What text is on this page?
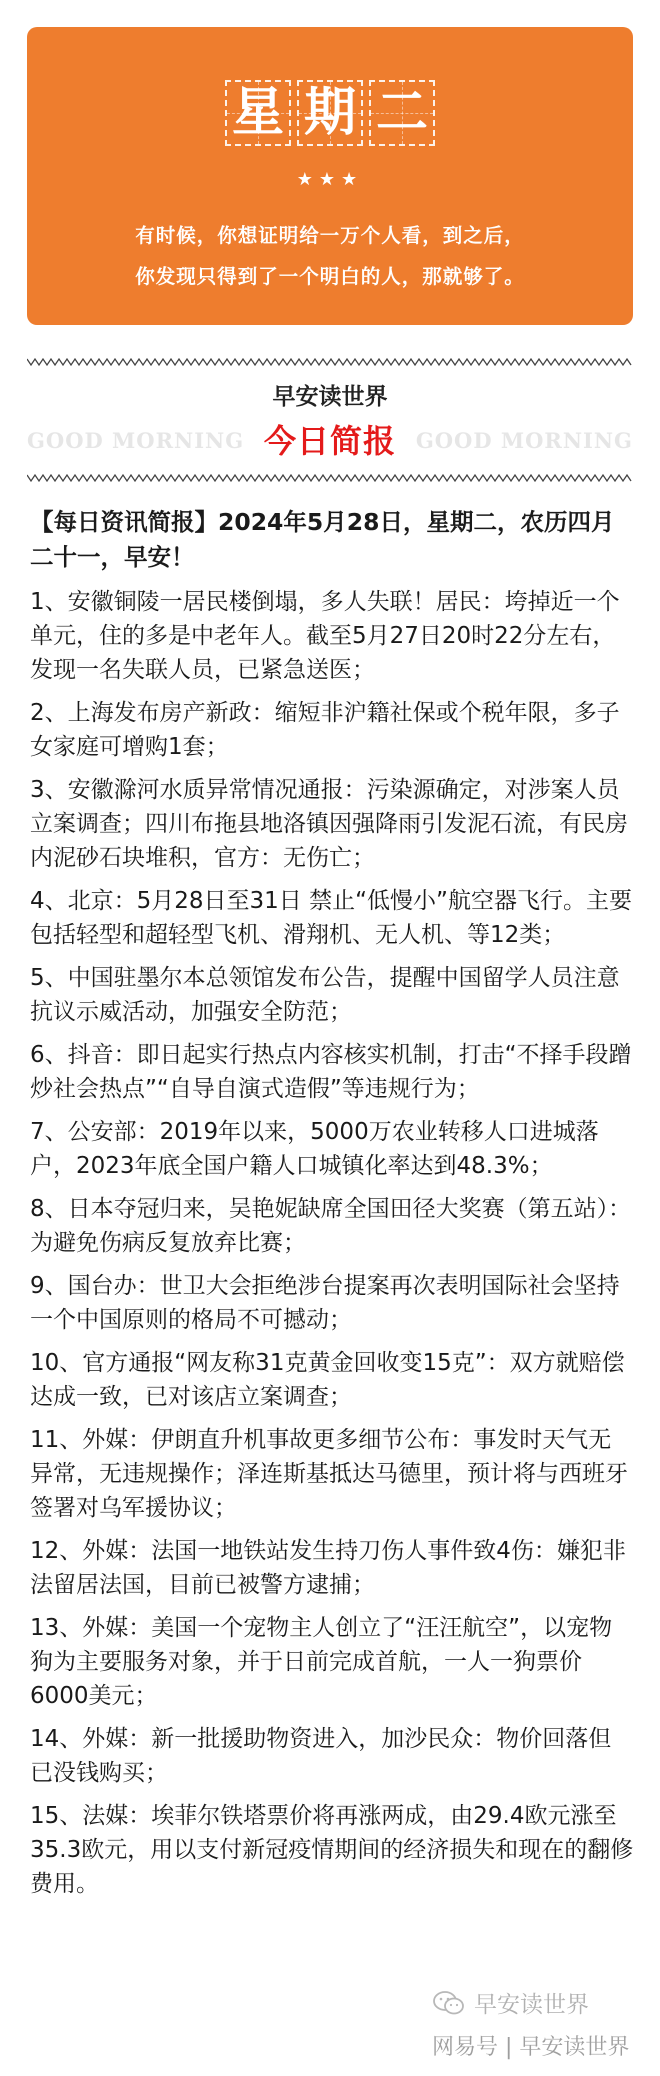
星 期 二
★★★
有时候，你想证明给一万个人看，到之后，
你发现只得到了一个明白的人，那就够了。
早安读世界
GOOD MORNING 今日简报 GOOD MORNING

【每日资讯简报】2024年5月28日，星期二，农历四月二十一，早安！

1、安徽铜陵一居民楼倒塌，多人失联！居民：垮掉近一个单元，住的多是中老年人。截至5月27日20时22分左右，发现一名失联人员，已紧急送医；

2、上海发布房产新政：缩短非沪籍社保或个税年限，多子女家庭可增购1套；

3、安徽滁河水质异常情况通报：污染源确定，对涉案人员立案调查；四川布拖县地洛镇因强降雨引发泥石流，有民房内泥砂石块堆积，官方：无伤亡；

4、北京：5月28日至31日 禁止“低慢小”航空器飞行。主要包括轻型和超轻型飞机、滑翔机、无人机、等12类；

5、中国驻墨尔本总领馆发布公告，提醒中国留学人员注意抗议示威活动，加强安全防范；

6、抖音：即日起实行热点内容核实机制，打击“不择手段蹭炒社会热点”“自导自演式造假”等违规行为；

7、公安部：2019年以来，5000万农业转移人口进城落户，2023年底全国户籍人口城镇化率达到48.3%；

8、日本夺冠归来，吴艳妮缺席全国田径大奖赛（第五站）：为避免伤病反复放弃比赛；

9、国台办：世卫大会拒绝涉台提案再次表明国际社会坚持一个中国原则的格局不可撼动；

10、官方通报“网友称31克黄金回收变15克”：双方就赔偿达成一致，已对该店立案调查；

11、外媒：伊朗直升机事故更多细节公布：事发时天气无异常，无违规操作；泽连斯基抵达马德里，预计将与西班牙签署对乌军援协议；

12、外媒：法国一地铁站发生持刀伤人事件致4伤：嫌犯非法留居法国，目前已被警方逮捕；

13、外媒：美国一个宠物主人创立了“汪汪航空”，以宠物狗为主要服务对象，并于日前完成首航，一人一狗票价6000美元；

14、外媒：新一批援助物资进入，加沙民众：物价回落但已没钱购买；

15、法媒：埃菲尔铁塔票价将再涨两成，由29.4欧元涨至35.3欧元，用以支付新冠疫情期间的经济损失和现在的翻修费用。

早安读世界
网易号 | 早安读世界
